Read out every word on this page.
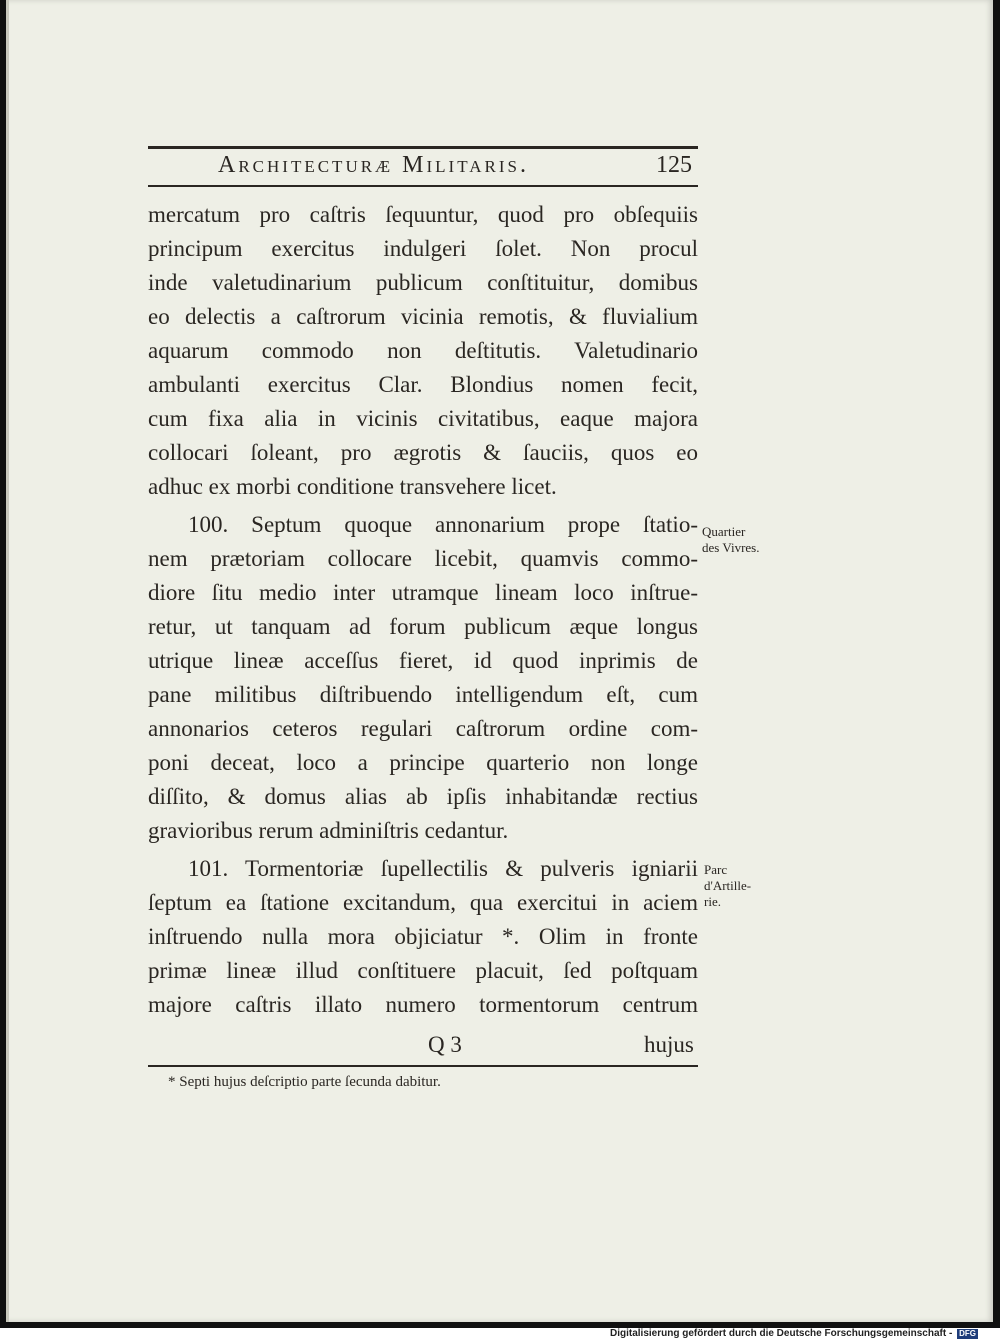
Architecturæ Militaris.	125
mercatum pro caſtris ſequuntur, quod pro obſequiis
principum exercitus indulgeri ſolet. Non procul
inde valetudinarium publicum conſtituitur, domibus
eo delectis a caſtrorum vicinia remotis, & fluvialium
aquarum commodo non deſtitutis. Valetudinario
ambulanti exercitus Clar. Blondius nomen fecit,
cum fixa alia in vicinis civitatibus, eaque majora
collocari ſoleant, pro ægrotis & ſauciis, quos eo
adhuc ex morbi conditione transvehere licet.
100. Septum quoque annonarium prope ſtatio-
nem prætoriam collocare licebit, quamvis commo-
diore ſitu medio inter utramque lineam loco inſtrue-
retur, ut tanquam ad forum publicum æque longus
utrique lineæ acceſſus fieret, id quod inprimis de
pane militibus diſtribuendo intelligendum eſt, cum
annonarios ceteros regulari caſtrorum ordine com-
poni deceat, loco a principe quarterio non longe
diſſito, & domus alias ab ipſis inhabitandæ rectius
gravioribus rerum adminiſtris cedantur.
101. Tormentoriæ ſupellectilis & pulveris igniarii
ſeptum ea ſtatione excitandum, qua exercitui in aciem
inſtruendo nulla mora objiciatur *. Olim in fronte
primæ lineæ illud conſtituere placuit, ſed poſtquam
majore caſtris illato numero tormentorum centrum
Quartier
des Vivres.
Parc
d'Artille-
rie.
Q 3	hujus
* Septi hujus deſcriptio parte ſecunda dabitur.
Digitalisierung gefördert durch die Deutsche Forschungsgemeinschaft - DFG
